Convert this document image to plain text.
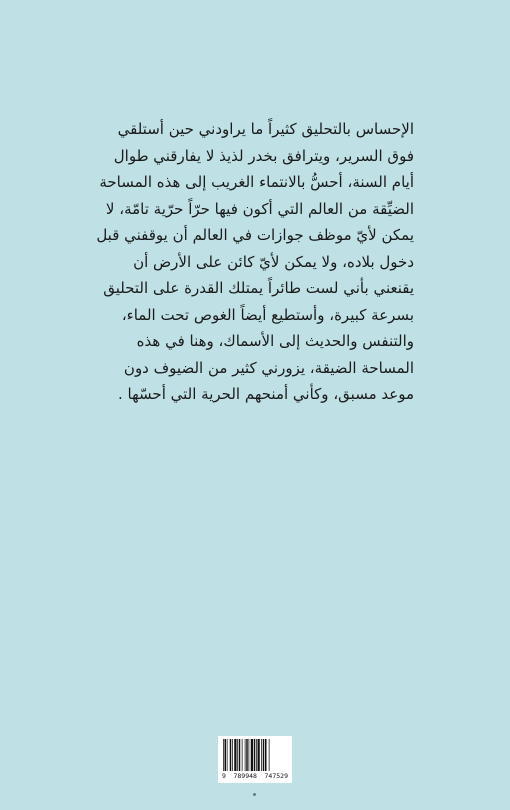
الإحساس بالتحليق كثيراً ما يراودني حين أستلقي
فوق السرير، ويترافق بخدر لذيذ لا يفارقني طوال
أيام السنة، أحسُّ بالانتماء الغريب إلى هذه المساحة
الضيِّقة من العالم التي أكون فيها حرّاً حرّية تامّة، لا
يمكن لأيّ موظف جوازات في العالم أن يوقفني قبل
دخول بلاده، ولا يمكن لأيّ كائن على الأرض أن
يقنعني بأني لست طائراً يمتلك القدرة على التحليق
بسرعة كبيرة، وأستطيع أيضاً الغوص تحت الماء،
والتنفس والحديث إلى الأسماك، وهنا في هذه
المساحة الضيقة، يزورني كثير من الضيوف دون
موعد مسبق، وكأني أمنحهم الحرية التي أحسّها .
9 789948 747529
